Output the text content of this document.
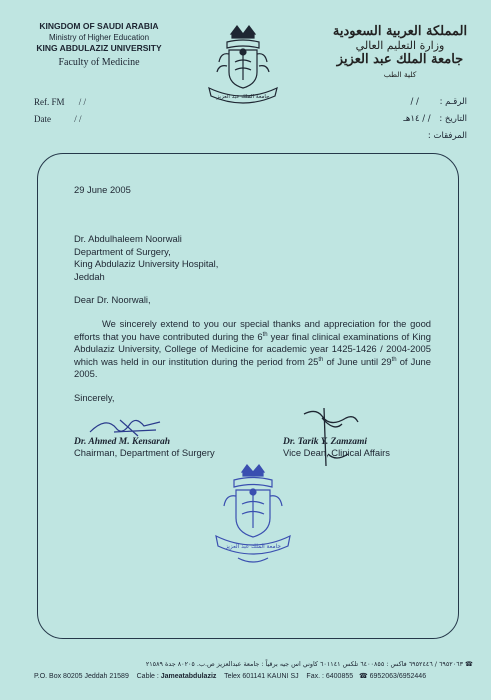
KINGDOM OF SAUDI ARABIA
Ministry of Higher Education
KING ABDULAZIZ UNIVERSITY
Faculty of Medicine
جامعة الملك عبد العزيز
المملكة العربية السعودية
وزارة التعليم العالي
جامعة الملك عبد العزيز
كلية الطب
Ref. FM / /
Date	/ /
الرقـم : / /
التاريخ : / / ١٤هـ
المرفقات :
29 June 2005
Dr. Abdulhaleem Noorwali
Department of Surgery,
King Abdulaziz University Hospital,
Jeddah
Dear Dr. Noorwali,

We sincerely extend to you our special thanks and appreciation for the good efforts that you have contributed during the 6th year final clinical examinations of King Abdulaziz University, College of Medicine for academic year 1425-1426 / 2004-2005 which was held in our institution during the period from 25th of June until 29th of June 2005.

Sincerely,
Dr. Ahmed M. Kensarah
Chairman, Department of Surgery
Dr. Tarik Y. Zamzami
Vice Dean, Clinical Affairs
جامعة الملك عبد العزيز
☎ ٦٩٥٢٠٦٣ / ٦٩٥٢٤٤٦ فاكس : ٦٤٠٠٨٥٥ تلكس ٦٠١١٤١ كاوني اس جيه برقياً : جامعة عبدالعزيز ص.ب. ٨٠٢٠٥ جدة ٢١٥٨٩
P.O. Box 80205 Jeddah 21589 Cable : Jameatabdulaziz Telex 601141 KAUNI SJ Fax. : 6400855 ☎ 6952063/6952446
